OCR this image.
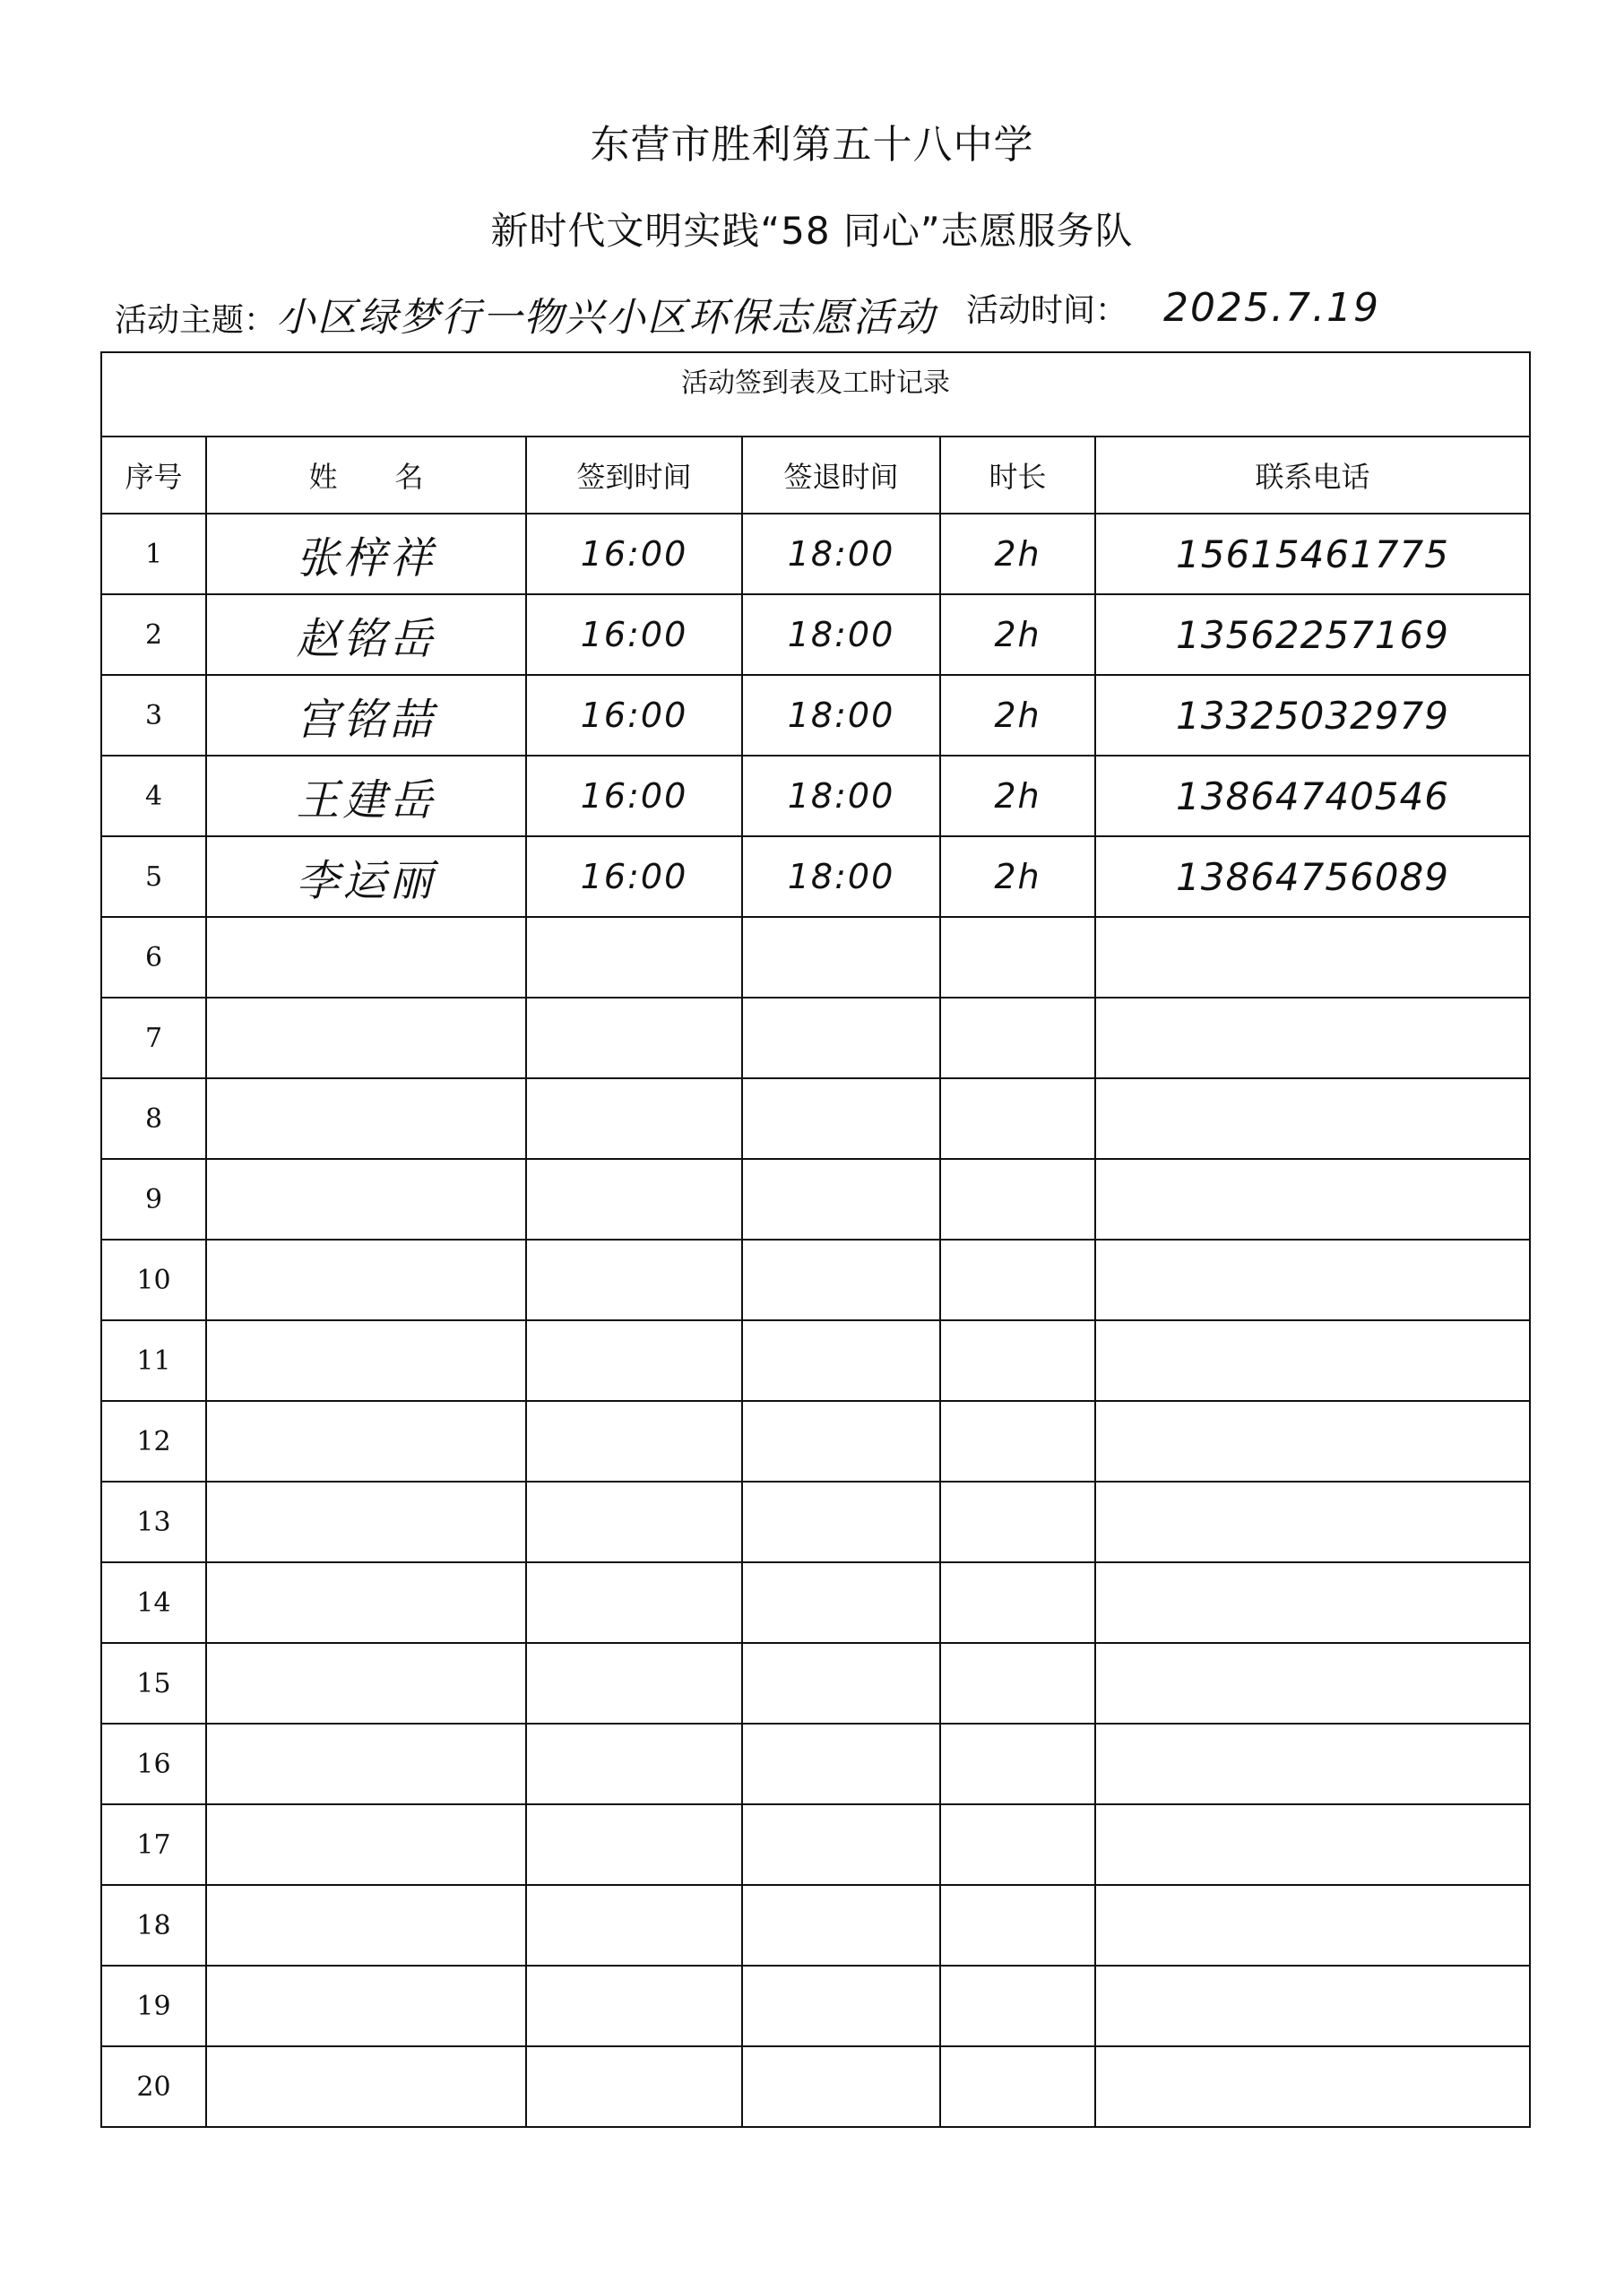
东营市胜利第五十八中学
新时代文明实践“58 同心”志愿服务队
活动主题：小区绿梦行一物兴小区环保志愿活动 活动时间： 2025.7.19
活动签到表及工时记录					
序号	姓　　名	签到时间	签退时间	时长	联系电话
1	张梓祥	16:00	18:00	2h	15615461775
2	赵铭岳	16:00	18:00	2h	13562257169
3	宫铭喆	16:00	18:00	2h	13325032979
4	王建岳	16:00	18:00	2h	13864740546
5	李运丽	16:00	18:00	2h	13864756089
6					
7					
8					
9					
10					
11					
12					
13					
14					
15					
16					
17					
18					
19					
20					
